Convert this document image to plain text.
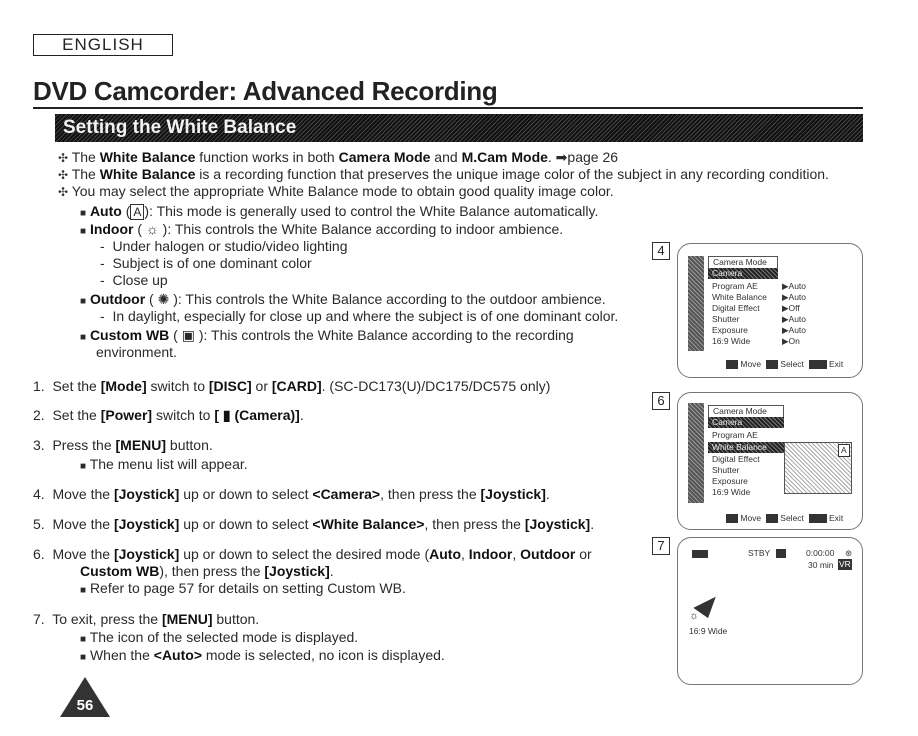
ENGLISH
DVD Camcorder: Advanced Recording
Setting the White Balance
✣ The White Balance function works in both Camera Mode and M.Cam Mode. ➡page 26
✣ The White Balance is a recording function that preserves the unique image color of the subject in any recording condition.
✣ You may select the appropriate White Balance mode to obtain good quality image color.
■ Auto ( A ): This mode is generally used to control the White Balance automatically.
■ Indoor ( ☼ ): This controls the White Balance according to indoor ambience.
-  Under halogen or studio/video lighting
-  Subject is of one dominant color
-  Close up
■ Outdoor ( ✺ ): This controls the White Balance according to the outdoor ambience.
-  In daylight, especially for close up and where the subject is of one dominant color.
■ Custom WB ( ▣ ): This controls the White Balance according to the recording
environment.
1. Set the [Mode] switch to [DISC] or [CARD]. (SC-DC173(U)/DC175/DC575 only)
2. Set the [Power] switch to [ ▮ (Camera)].
3. Press the [MENU] button.
■ The menu list will appear.
4. Move the [Joystick] up or down to select <Camera>, then press the [Joystick].
5. Move the [Joystick] up or down to select <White Balance>, then press the [Joystick].
6. Move the [Joystick] up or down to select the desired mode (Auto, Indoor, Outdoor or
Custom WB), then press the [Joystick].
■ Refer to page 57 for details on setting Custom WB.
7. To exit, press the [MENU] button.
■ The icon of the selected mode is displayed.
■ When the <Auto> mode is selected, no icon is displayed.
4
Camera Mode
Camera
Program AE	▶Auto
White Balance ▶Auto
Digital Effect	▶Off
Shutter	▶Auto
Exposure	▶Auto
16:9 Wide	▶On
Move Select	Exit
6
Camera Mode
Camera
Program AE
White Balance	A
Digital Effect
Shutter
Exposure
16:9 Wide
Move Select	Exit
7	STBY	0:00:00 ⊛
30 min VR
☼
16:9 Wide
56
